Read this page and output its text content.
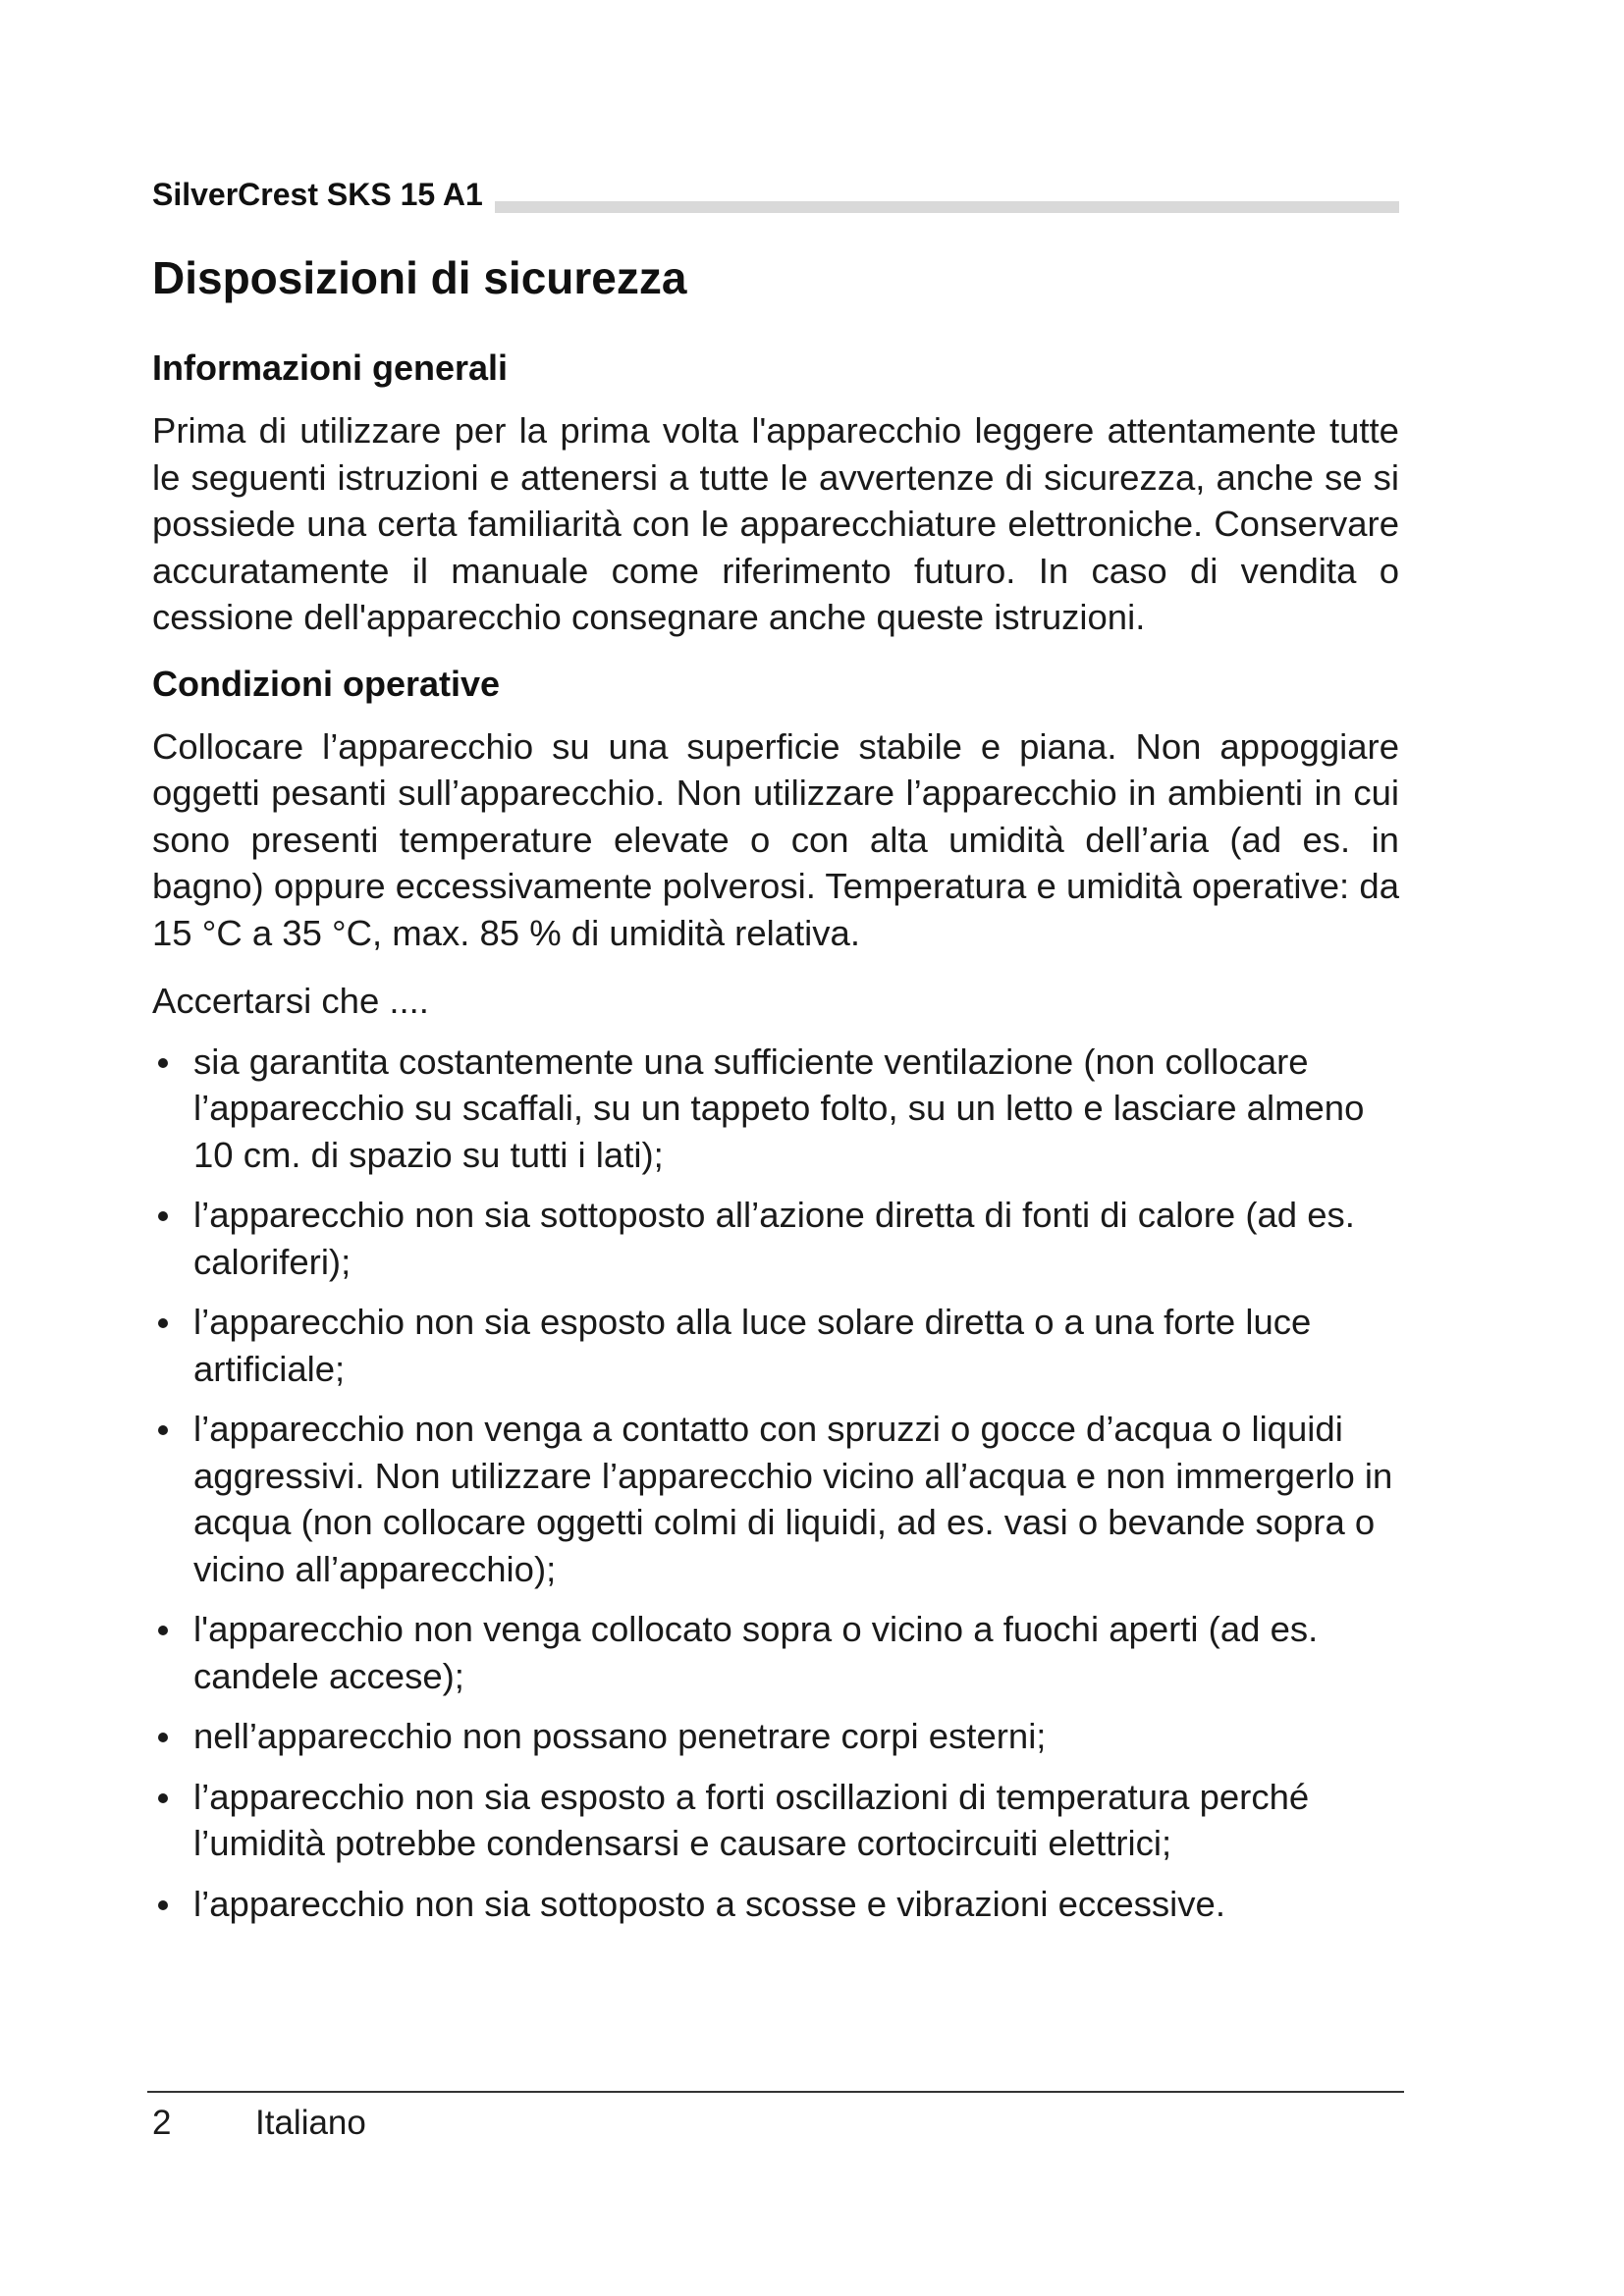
SilverCrest SKS 15 A1
Disposizioni di sicurezza
Informazioni generali

Prima di utilizzare per la prima volta l'apparecchio leggere attentamente tutte le seguenti istruzioni e attenersi a tutte le avvertenze di sicurezza, anche se si possiede una certa familiarità con le apparecchiature elettroniche. Conservare accuratamente il manuale come riferimento futuro. In caso di vendita o cessione dell'apparecchio consegnare anche queste istruzioni.

Condizioni operative

Collocare l’apparecchio su una superficie stabile e piana. Non appoggiare oggetti pesanti sull’apparecchio. Non utilizzare l’apparecchio in ambienti in cui sono presenti temperature elevate o con alta umidità dell’aria (ad es. in bagno) oppure eccessivamente polverosi. Temperatura e umidità operative: da 15 °C a 35 °C, max. 85 % di umidità relativa.

Accertarsi che ....

sia garantita costantemente una sufficiente ventilazione (non collocare l’apparecchio su scaffali, su un tappeto folto, su un letto e lasciare almeno 10 cm. di spazio su tutti i lati);
l’apparecchio non sia sottoposto all’azione diretta di fonti di calore (ad es. caloriferi);
l’apparecchio non sia esposto alla luce solare diretta o a una forte luce artificiale;
l’apparecchio non venga a contatto con spruzzi o gocce d’acqua o liquidi aggressivi. Non utilizzare l’apparecchio vicino all’acqua e non immergerlo in acqua (non collocare oggetti colmi di liquidi, ad es. vasi o bevande sopra o vicino all’apparecchio);
l'apparecchio non venga collocato sopra o vicino a fuochi aperti (ad es. candele accese);
nell’apparecchio non possano penetrare corpi esterni;
l’apparecchio non sia esposto a forti oscillazioni di temperatura perché l’umidità potrebbe condensarsi e causare cortocircuiti elettrici;
l’apparecchio non sia sottoposto a scosse e vibrazioni eccessive.
2 Italiano
